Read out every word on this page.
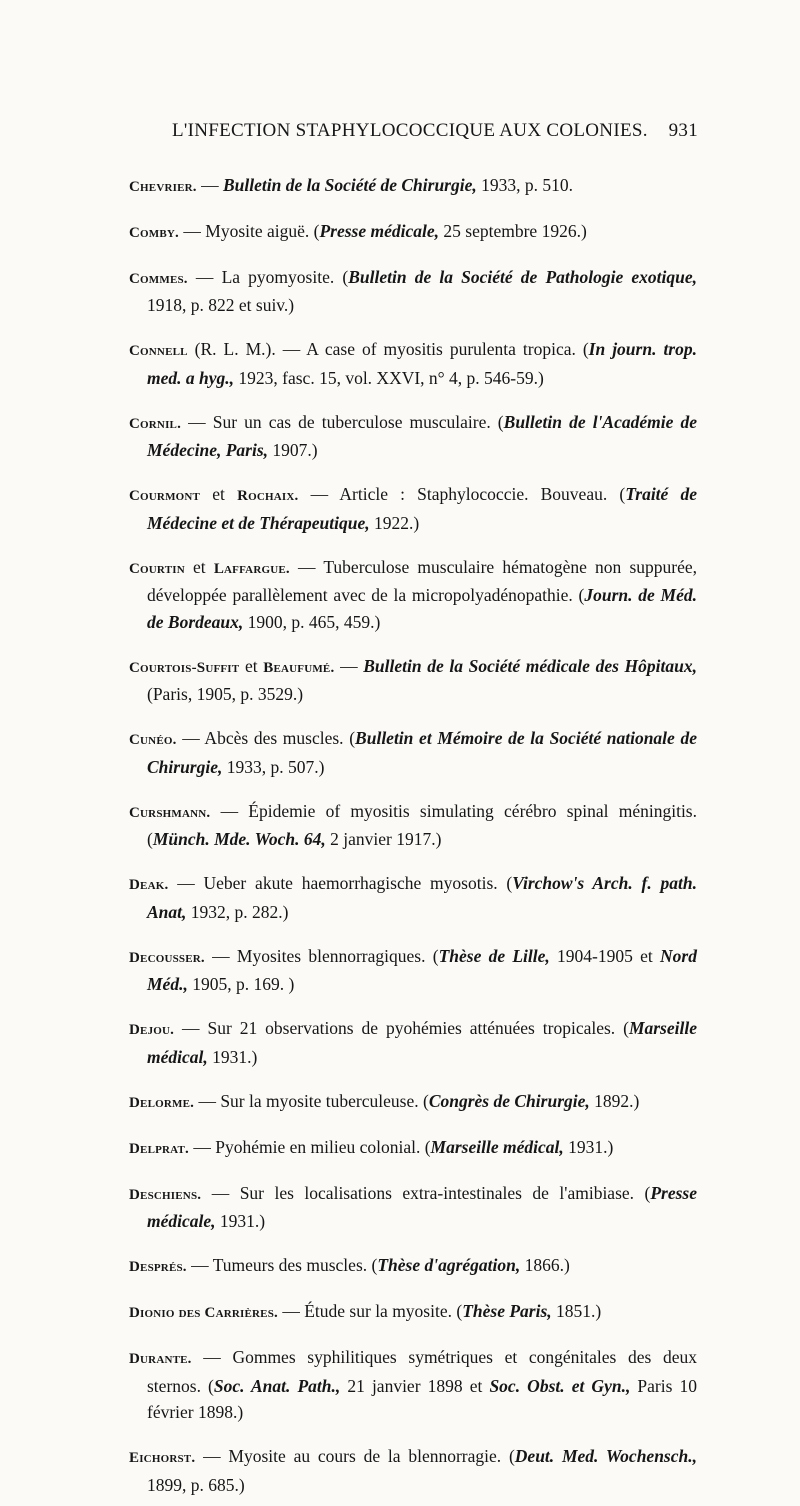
L'INFECTION STAPHYLOCOCCIQUE AUX COLONIES. 931

Chevrier. — Bulletin de la Société de Chirurgie, 1933, p. 510.

Comby. — Myosite aiguë. (Presse médicale, 25 septembre 1926.)

Commes. — La pyomyosite. (Bulletin de la Société de Pathologie exotique, 1918, p. 822 et suiv.)

Connell (R. L. M.). — A case of myositis purulenta tropica. (In journ. trop. med. a hyg., 1923, fasc. 15, vol. XXVI, n° 4, p. 546-59.)

Cornil. — Sur un cas de tuberculose musculaire. (Bulletin de l'Académie de Médecine, Paris, 1907.)

Courmont et Rochaix. — Article : Staphylococcie. Bouveau. (Traité de Médecine et de Thérapeutique, 1922.)

Courtin et Laffargue. — Tuberculose musculaire hématogène non suppurée, développée parallèlement avec de la micropolyadénopathie. (Journ. de Méd. de Bordeaux, 1900, p. 465, 459.)

Courtois-Suffit et Beaufumé. — Bulletin de la Société médicale des Hôpitaux, (Paris, 1905, p. 3529.)

Cunéo. — Abcès des muscles. (Bulletin et Mémoire de la Société nationale de Chirurgie, 1933, p. 507.)

Curshmann. — Épidemie of myositis simulating cérébro spinal méningitis. (Münch. Mde. Woch. 64, 2 janvier 1917.)

Deak. — Ueber akute haemorrhagische myosotis. (Virchow's Arch. f. path. Anat, 1932, p. 282.)

Decousser. — Myosites blennorragiques. (Thèse de Lille, 1904-1905 et Nord Méd., 1905, p. 169. )

Dejou. — Sur 21 observations de pyohémies atténuées tropicales. (Marseille médical, 1931.)

Delorme. — Sur la myosite tuberculeuse. (Congrès de Chirurgie, 1892.)

Delprat. — Pyohémie en milieu colonial. (Marseille médical, 1931.)

Deschiens. — Sur les localisations extra-intestinales de l'amibiase. (Presse médicale, 1931.)

Després. — Tumeurs des muscles. (Thèse d'agrégation, 1866.)

Dionio des Carrières. — Étude sur la myosite. (Thèse Paris, 1851.)

Durante. — Gommes syphilitiques symétriques et congénitales des deux sternos. (Soc. Anat. Path., 21 janvier 1898 et Soc. Obst. et Gyn., Paris 10 février 1898.)

Eichorst. — Myosite au cours de la blennorragie. (Deut. Med. Wochensch., 1899, p. 685.)
